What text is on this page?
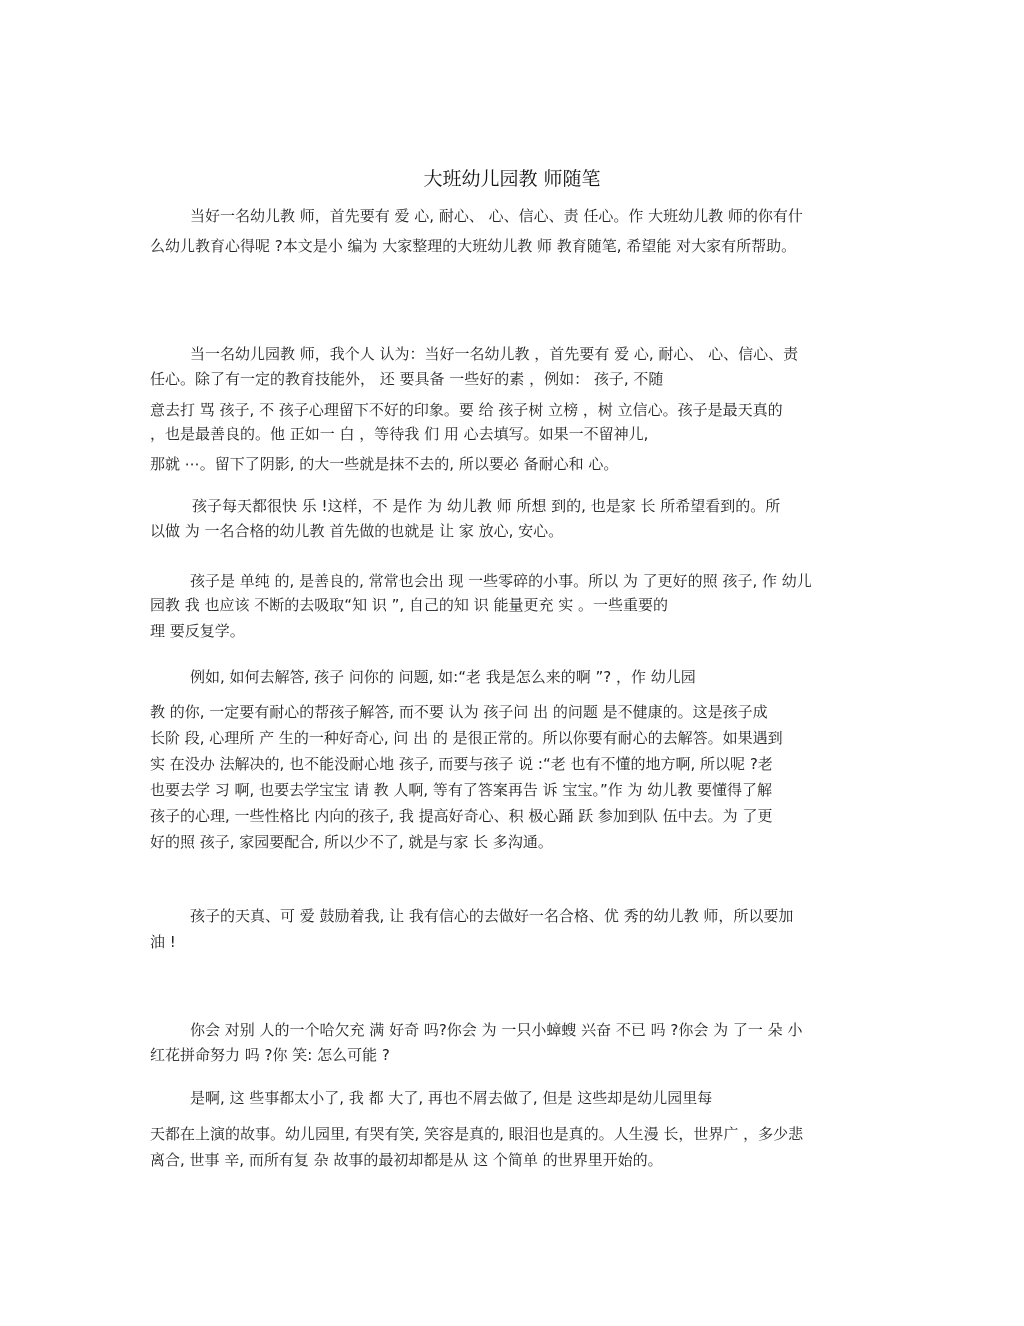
大班幼儿园教 师随笔
当好一名幼儿教 师，首先要有 爱 心, 耐心、 心、信心、责 任心。作 大班幼儿教 师的你有什
么幼儿教育心得呢 ?本文是小 编为 大家整理的大班幼儿教 师 教育随笔, 希望能 对大家有所帮助。
当一名幼儿园教 师，我个人 认为：当好一名幼儿教 ，首先要有 爱 心, 耐心、 心、信心、责
任心。除了有一定的教育技能外， 还 要具备 一些好的素 ，例如： 孩子, 不随
意去打 骂 孩子, 不 孩子心理留下不好的印象。要 给 孩子树 立榜 ，树 立信心。孩子是最天真的
，也是最善良的。他 正如一 白 ，等待我 们 用 心去填写。如果一不留神儿,
那就 ⋯。留下了阴影, 的大一些就是抹不去的, 所以要必 备耐心和 心。
孩子每天都很快 乐 !这样，不 是作 为 幼儿教 师 所想 到的, 也是家 长 所希望看到的。所
以做 为 一名合格的幼儿教 首先做的也就是 让 家 放心, 安心。
孩子是 单纯 的, 是善良的, 常常也会出 现 一些零碎的小事。所以 为 了更好的照 孩子, 作 幼儿
园教 我 也应该 不断的去吸取“知 识 ”, 自己的知 识 能量更充 实 。一些重要的
理 要反复学。
例如, 如何去解答, 孩子 问你的 问题, 如:“老 我是怎么来的啊 ”? ，作 幼儿园
教 的你, 一定要有耐心的帮孩子解答, 而不要 认为 孩子问 出 的问题 是不健康的。这是孩子成
长阶 段, 心理所 产 生的一种好奇心, 问 出 的 是很正常的。所以你要有耐心的去解答。如果遇到
实 在没办 法解决的, 也不能没耐心地 孩子, 而要与孩子 说 :“老 也有不懂的地方啊, 所以呢 ?老
也要去学 习 啊, 也要去学宝宝 请 教 人啊, 等有了答案再告 诉 宝宝。”作 为 幼儿教 要懂得了解
孩子的心理, 一些性格比 内向的孩子, 我 提高好奇心、积 极心踊 跃 参加到队 伍中去。为 了更
好的照 孩子, 家园要配合, 所以少不了, 就是与家 长 多沟通。
孩子的天真、可 爱 鼓励着我, 让 我有信心的去做好一名合格、优 秀的幼儿教 师，所以要加
油 !
你会 对别 人的一个哈欠充 满 好奇 吗?你会 为 一只小蟑螋 兴奋 不已 吗 ?你会 为 了一 朵 小
红花拼命努力 吗 ?你 笑: 怎么可能 ?
是啊, 这 些事都太小了, 我 都 大了, 再也不屑去做了, 但是 这些却是幼儿园里每
天都在上演的故事。幼儿园里, 有哭有笑, 笑容是真的, 眼泪也是真的。人生漫 长，世界广 ，多少悲
离合, 世事 辛, 而所有复 杂 故事的最初却都是从 这 个简单 的世界里开始的。
